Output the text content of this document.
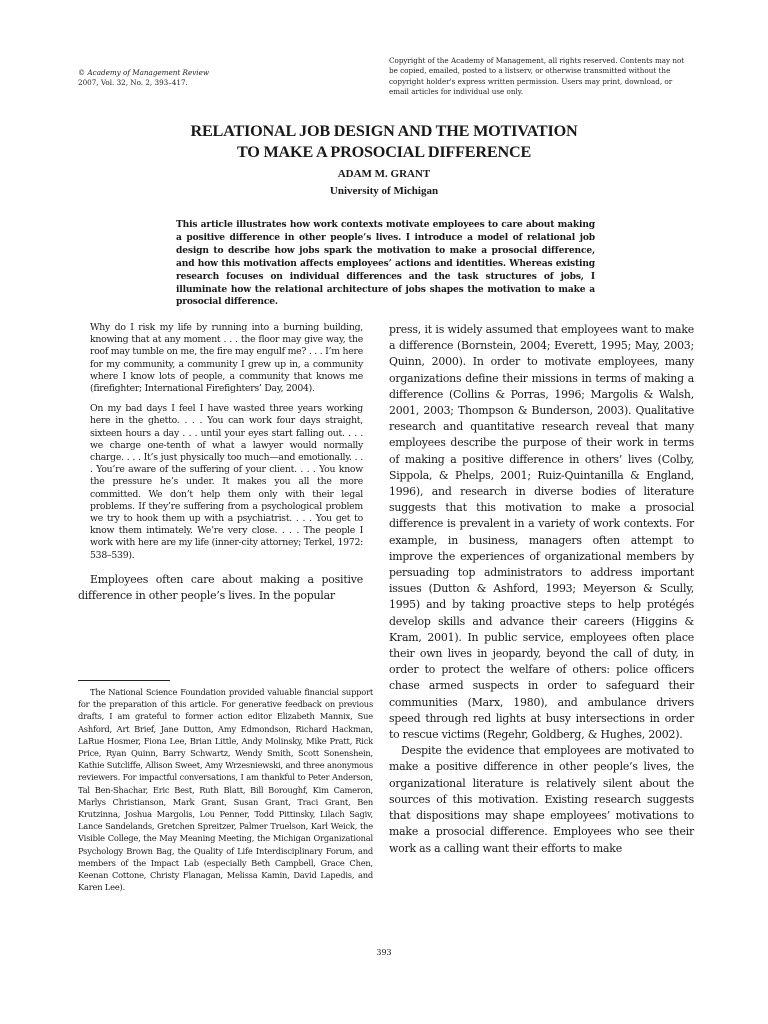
© Academy of Management Review
2007, Vol. 32, No. 2, 393–417.
Copyright of the Academy of Management, all rights reserved. Contents may not be copied, emailed, posted to a listserv, or otherwise transmitted without the copyright holder's express written permission. Users may print, download, or email articles for individual use only.
RELATIONAL JOB DESIGN AND THE MOTIVATION
TO MAKE A PROSOCIAL DIFFERENCE
ADAM M. GRANT
University of Michigan
This article illustrates how work contexts motivate employees to care about making a positive difference in other people’s lives. I introduce a model of relational job design to describe how jobs spark the motivation to make a prosocial difference, and how this motivation affects employees’ actions and identities. Whereas existing research focuses on individual differences and the task structures of jobs, I illuminate how the relational architecture of jobs shapes the motivation to make a prosocial difference.

Why do I risk my life by running into a burning building, knowing that at any moment . . . the floor may give way, the roof may tumble on me, the fire may engulf me? . . . I’m here for my community, a community I grew up in, a community where I know lots of people, a community that knows me (firefighter; International Firefighters’ Day, 2004).

On my bad days I feel I have wasted three years working here in the ghetto. . . . You can work four days straight, sixteen hours a day . . . until your eyes start falling out. . . . we charge one-tenth of what a lawyer would normally charge. . . . It’s just physically too much—and emotionally. . . . You’re aware of the suffering of your client. . . . You know the pressure he’s under. It makes you all the more committed. We don’t help them only with their legal problems. If they’re suffering from a psychological problem we try to hook them up with a psychiatrist. . . . You get to know them intimately. We’re very close. . . . The people I work with here are my life (inner-city attorney; Terkel, 1972: 538–539).

Employees often care about making a positive difference in other people’s lives. In the popular

The National Science Foundation provided valuable financial support for the preparation of this article. For generative feedback on previous drafts, I am grateful to former action editor Elizabeth Mannix, Sue Ashford, Art Brief, Jane Dutton, Amy Edmondson, Richard Hackman, LaRue Hosmer, Fiona Lee, Brian Little, Andy Molinsky, Mike Pratt, Rick Price, Ryan Quinn, Barry Schwartz, Wendy Smith, Scott Sonenshein, Kathie Sutcliffe, Allison Sweet, Amy Wrzesniewski, and three anonymous reviewers. For impactful conversations, I am thankful to Peter Anderson, Tal Ben-Shachar, Eric Best, Ruth Blatt, Bill Boroughf, Kim Cameron, Marlys Christianson, Mark Grant, Susan Grant, Traci Grant, Ben Krutzinna, Joshua Margolis, Lou Penner, Todd Pittinsky, Lilach Sagiv, Lance Sandelands, Gretchen Spreitzer, Palmer Truelson, Karl Weick, the Visible College, the May Meaning Meeting, the Michigan Organizational Psychology Brown Bag, the Quality of Life Interdisciplinary Forum, and members of the Impact Lab (especially Beth Campbell, Grace Chen, Keenan Cottone, Christy Flanagan, Melissa Kamin, David Lapedis, and Karen Lee).

press, it is widely assumed that employees want to make a difference (Bornstein, 2004; Everett, 1995; May, 2003; Quinn, 2000). In order to motivate employees, many organizations define their missions in terms of making a difference (Collins & Porras, 1996; Margolis & Walsh, 2001, 2003; Thompson & Bunderson, 2003). Qualitative research and quantitative research reveal that many employees describe the purpose of their work in terms of making a positive difference in others’ lives (Colby, Sippola, & Phelps, 2001; Ruiz-Quintanilla & England, 1996), and research in diverse bodies of literature suggests that this motivation to make a prosocial difference is prevalent in a variety of work contexts. For example, in business, managers often attempt to improve the experiences of organizational members by persuading top administrators to address important issues (Dutton & Ashford, 1993; Meyerson & Scully, 1995) and by taking proactive steps to help protégés develop skills and advance their careers (Higgins & Kram, 2001). In public service, employees often place their own lives in jeopardy, beyond the call of duty, in order to protect the welfare of others: police officers chase armed suspects in order to safeguard their communities (Marx, 1980), and ambulance drivers speed through red lights at busy intersections in order to rescue victims (Regehr, Goldberg, & Hughes, 2002).

Despite the evidence that employees are motivated to make a positive difference in other people’s lives, the organizational literature is relatively silent about the sources of this motivation. Existing research suggests that dispositions may shape employees’ motivations to make a prosocial difference. Employees who see their work as a calling want their efforts to make

393
